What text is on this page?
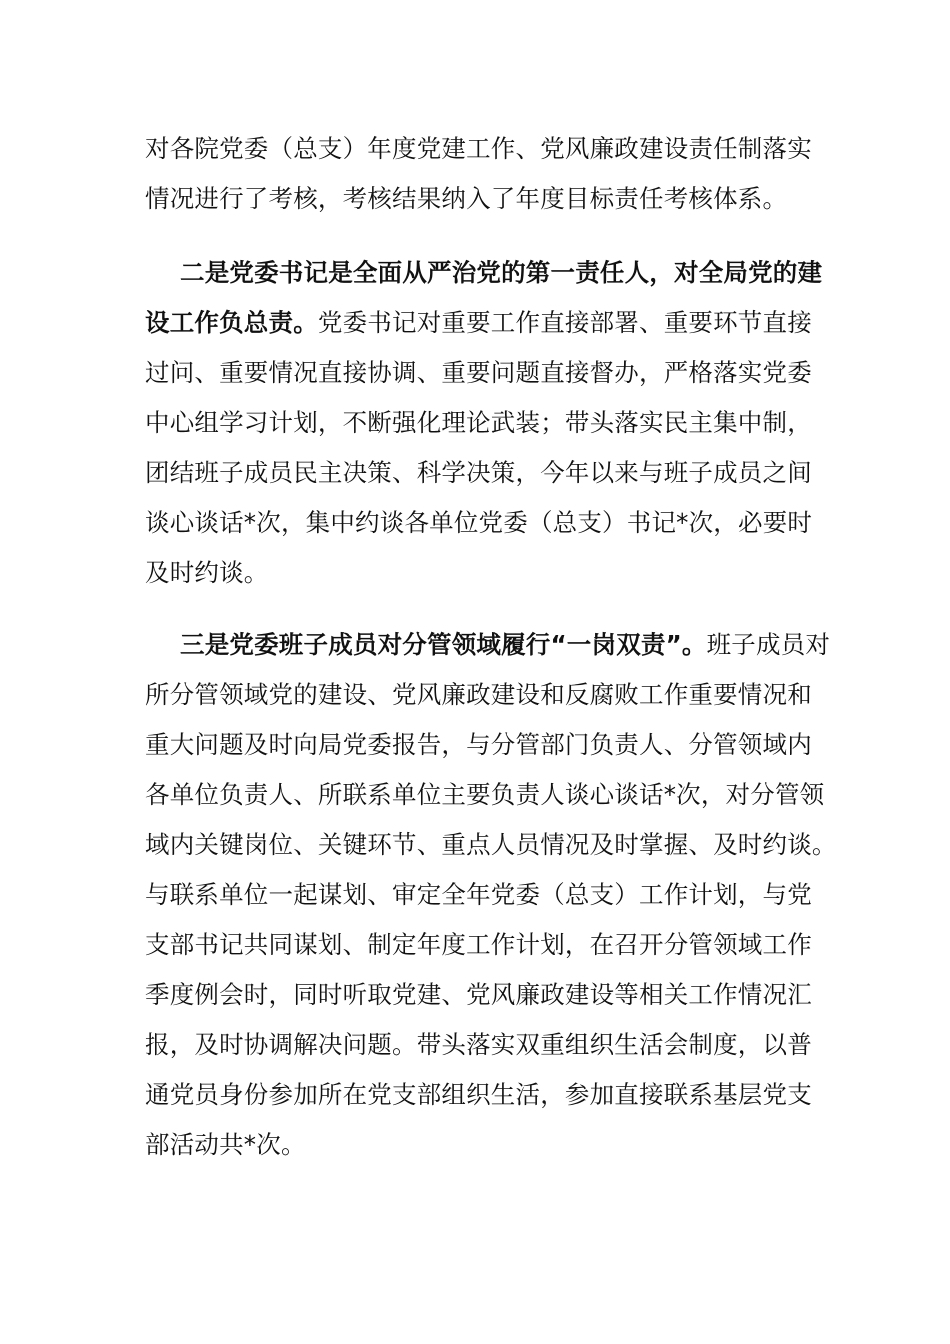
对各院党委（总支）年度党建工作、党风廉政建设责任制落实
情况进行了考核，考核结果纳入了年度目标责任考核体系。
二是党委书记是全面从严治党的第一责任人，对全局党的建
设工作负总责。党委书记对重要工作直接部署、重要环节直接
过问、重要情况直接协调、重要问题直接督办，严格落实党委
中心组学习计划，不断强化理论武装；带头落实民主集中制，
团结班子成员民主决策、科学决策，今年以来与班子成员之间
谈心谈话*次，集中约谈各单位党委（总支）书记*次，必要时
及时约谈。
三是党委班子成员对分管领域履行“一岗双责”。班子成员对
所分管领域党的建设、党风廉政建设和反腐败工作重要情况和
重大问题及时向局党委报告，与分管部门负责人、分管领域内
各单位负责人、所联系单位主要负责人谈心谈话*次，对分管领
域内关键岗位、关键环节、重点人员情况及时掌握、及时约谈。
与联系单位一起谋划、审定全年党委（总支）工作计划，与党
支部书记共同谋划、制定年度工作计划，在召开分管领域工作
季度例会时，同时听取党建、党风廉政建设等相关工作情况汇
报，及时协调解决问题。带头落实双重组织生活会制度，以普
通党员身份参加所在党支部组织生活，参加直接联系基层党支
部活动共*次。
